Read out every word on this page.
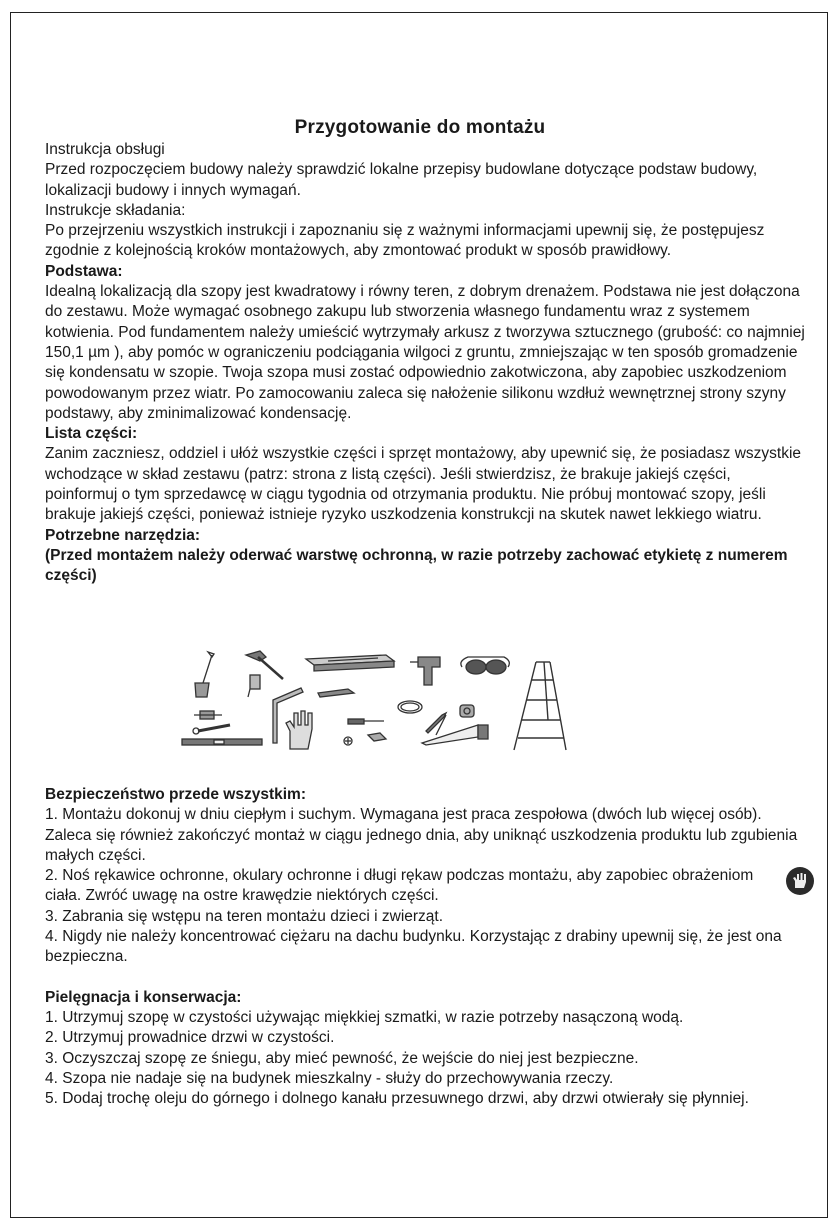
Przygotowanie do montażu

Instrukcja obsługi

Przed rozpoczęciem budowy należy sprawdzić lokalne przepisy budowlane dotyczące podstaw budowy, lokalizacji budowy i innych wymagań.

Instrukcje składania:

Po przejrzeniu wszystkich instrukcji i zapoznaniu się z ważnymi informacjami upewnij się, że postępujesz zgodnie z kolejnością kroków montażowych, aby zmontować produkt w sposób prawidłowy.

Podstawa:

Idealną lokalizacją dla szopy jest kwadratowy i równy teren, z dobrym drenażem. Podstawa nie jest dołączona do zestawu. Może wymagać osobnego zakupu lub stworzenia własnego fundamentu wraz z systemem kotwienia. Pod fundamentem należy umieścić wytrzymały arkusz z tworzywa sztucznego (grubość: co najmniej 150,1 µm ), aby pomóc w ograniczeniu podciągania wilgoci z gruntu, zmniejszając w ten sposób gromadzenie się kondensatu w szopie. Twoja szopa musi zostać odpowiednio zakotwiczona, aby zapobiec uszkodzeniom powodowanym przez wiatr. Po zamocowaniu zaleca się nałożenie silikonu wzdłuż wewnętrznej strony szyny podstawy, aby zminimalizować kondensację.

Lista części:

Zanim zaczniesz, oddziel i ułóż wszystkie części i sprzęt montażowy, aby upewnić się, że posiadasz wszystkie wchodzące w skład zestawu (patrz: strona z listą części). Jeśli stwierdzisz, że brakuje jakiejś części, poinformuj o tym sprzedawcę w ciągu tygodnia od otrzymania produktu. Nie próbuj montować szopy, jeśli brakuje jakiejś części, ponieważ istnieje ryzyko uszkodzenia konstrukcji na skutek nawet lekkiego wiatru.

Potrzebne narzędzia:

(Przed montażem należy oderwać warstwę ochronną, w razie potrzeby zachować etykietę z numerem części)

Bezpieczeństwo przede wszystkim:

1. Montażu dokonuj w dniu ciepłym i suchym. Wymagana jest praca zespołowa (dwóch lub więcej osób). Zaleca się również zakończyć montaż w ciągu jednego dnia, aby uniknąć uszkodzenia produktu lub zgubienia małych części.

2. Noś rękawice ochronne, okulary ochronne i długi rękaw podczas montażu, aby zapobiec obrażeniom ciała. Zwróć uwagę na ostre krawędzie niektórych części.

3. Zabrania się wstępu na teren montażu dzieci i zwierząt.

4. Nigdy nie należy koncentrować ciężaru na dachu budynku. Korzystając z drabiny upewnij się, że jest ona bezpieczna.

Pielęgnacja i konserwacja:

1. Utrzymuj szopę w czystości używając miękkiej szmatki, w razie potrzeby nasączoną wodą.

2. Utrzymuj prowadnice drzwi w czystości.

3. Oczyszczaj szopę ze śniegu, aby mieć pewność, że wejście do niej jest bezpieczne.

4. Szopa nie nadaje się na budynek mieszkalny - służy do przechowywania rzeczy.

5. Dodaj trochę oleju do górnego i dolnego kanału przesuwnego drzwi, aby drzwi otwierały się płynniej.
